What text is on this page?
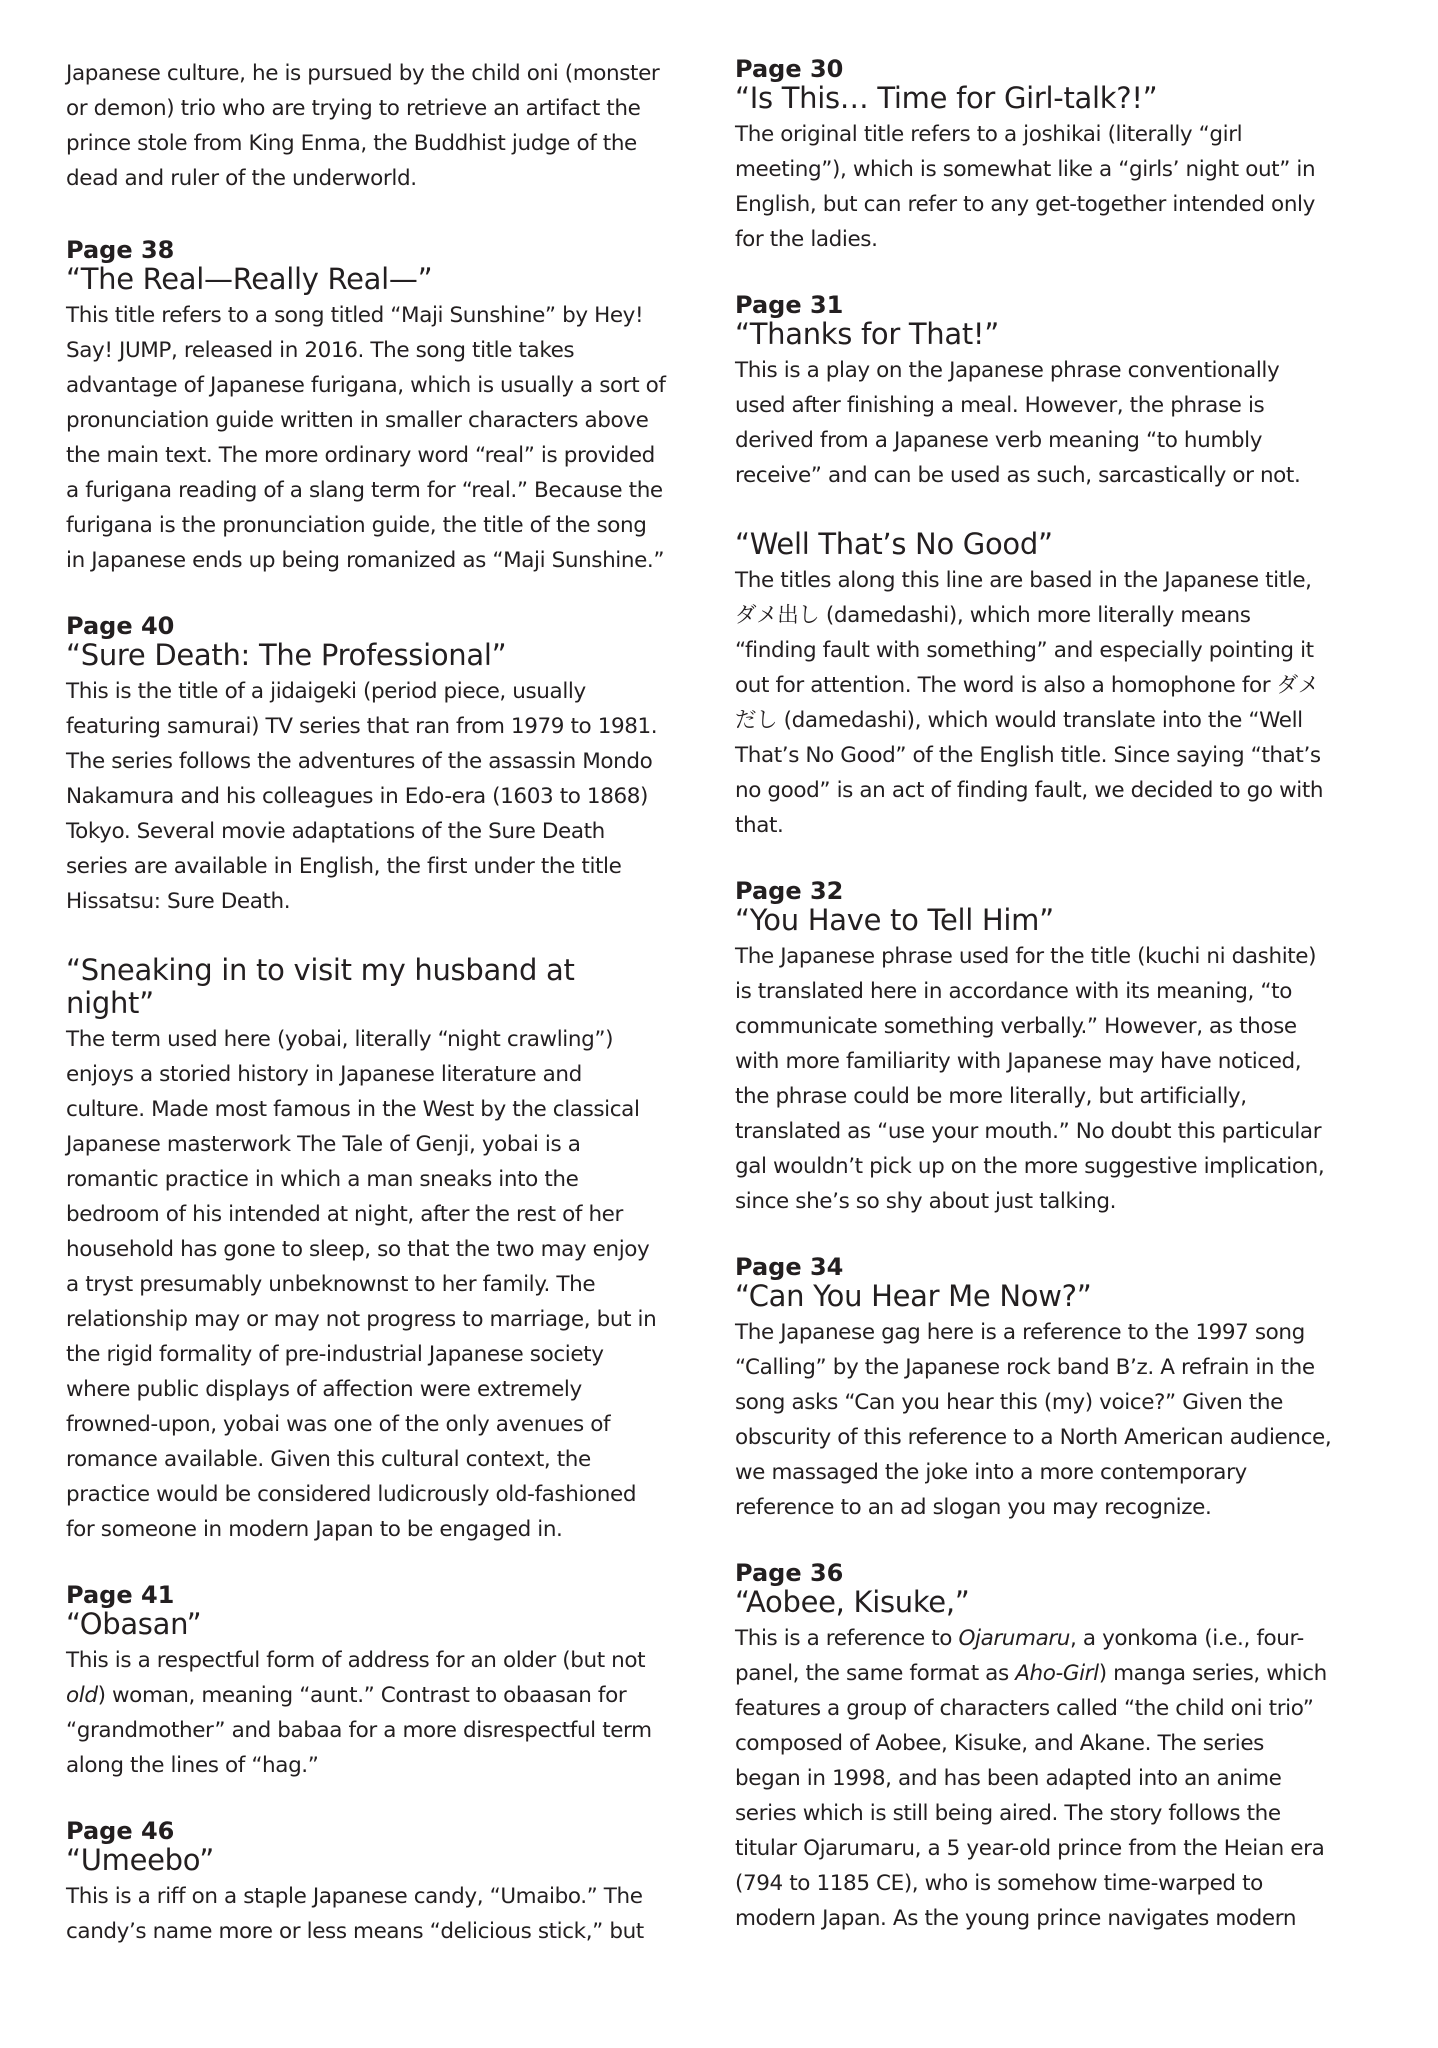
Japanese culture, he is pursued by the child oni (monster or demon) trio who are trying to retrieve an artifact the prince stole from King Enma, the Buddhist judge of the dead and ruler of the underworld.

Page 38

“The Real—Really Real—”

This title refers to a song titled “Maji Sunshine” by Hey! Say! JUMP, released in 2016. The song title takes advantage of Japanese furigana, which is usually a sort of pronunciation guide written in smaller characters above the main text. The more ordinary word “real” is provided a furigana reading of a slang term for “real.” Because the furigana is the pronunciation guide, the title of the song in Japanese ends up being romanized as “Maji Sunshine.”

Page 40

“Sure Death: The Professional”

This is the title of a jidaigeki (period piece, usually featuring samurai) TV series that ran from 1979 to 1981. The series follows the adventures of the assassin Mondo Nakamura and his colleagues in Edo-era (1603 to 1868) Tokyo. Several movie adaptations of the Sure Death series are available in English, the first under the title Hissatsu: Sure Death.

“Sneaking in to visit my husband at night”

The term used here (yobai, literally “night crawling”) enjoys a storied history in Japanese literature and culture. Made most famous in the West by the classical Japanese masterwork The Tale of Genji, yobai is a romantic practice in which a man sneaks into the bedroom of his intended at night, after the rest of her household has gone to sleep, so that the two may enjoy a tryst presumably unbeknownst to her family. The relationship may or may not progress to marriage, but in the rigid formality of pre-industrial Japanese society where public displays of affection were extremely frowned-upon, yobai was one of the only avenues of romance available. Given this cultural context, the practice would be considered ludicrously old-fashioned for someone in modern Japan to be engaged in.

Page 41

“Obasan”

This is a respectful form of address for an older (but not old) woman, meaning “aunt.” Contrast to obaasan for “grandmother” and babaa for a more disrespectful term along the lines of “hag.”

Page 46

“Umeebo”

This is a riff on a staple Japanese candy, “Umaibo.” The candy’s name more or less means “delicious stick,” but

Page 30

“Is This… Time for Girl-talk?!”

The original title refers to a joshikai (literally “girl meeting”), which is somewhat like a “girls’ night out” in English, but can refer to any get-together intended only for the ladies.

Page 31

“Thanks for That!”

This is a play on the Japanese phrase conventionally used after finishing a meal. However, the phrase is derived from a Japanese verb meaning “to humbly receive” and can be used as such, sarcastically or not.

“Well That’s No Good”

The titles along this line are based in the Japanese title, ダメ出し (damedashi), which more literally means “finding fault with something” and especially pointing it out for attention. The word is also a homophone for ダメだし (damedashi), which would translate into the “Well That’s No Good” of the English title. Since saying “that’s no good” is an act of finding fault, we decided to go with that.

Page 32

“You Have to Tell Him”

The Japanese phrase used for the title (kuchi ni dashite) is translated here in accordance with its meaning, “to communicate something verbally.” However, as those with more familiarity with Japanese may have noticed, the phrase could be more literally, but artificially, translated as “use your mouth.” No doubt this particular gal wouldn’t pick up on the more suggestive implication, since she’s so shy about just talking.

Page 34

“Can You Hear Me Now?”

The Japanese gag here is a reference to the 1997 song “Calling” by the Japanese rock band B’z. A refrain in the song asks “Can you hear this (my) voice?” Given the obscurity of this reference to a North American audience, we massaged the joke into a more contemporary reference to an ad slogan you may recognize.

Page 36

“Aobee, Kisuke,”

This is a reference to Ojarumaru, a yonkoma (i.e., four-panel, the same format as Aho-Girl) manga series, which features a group of characters called “the child oni trio” composed of Aobee, Kisuke, and Akane. The series began in 1998, and has been adapted into an anime series which is still being aired. The story follows the titular Ojarumaru, a 5 year-old prince from the Heian era (794 to 1185 CE), who is somehow time-warped to modern Japan. As the young prince navigates modern
